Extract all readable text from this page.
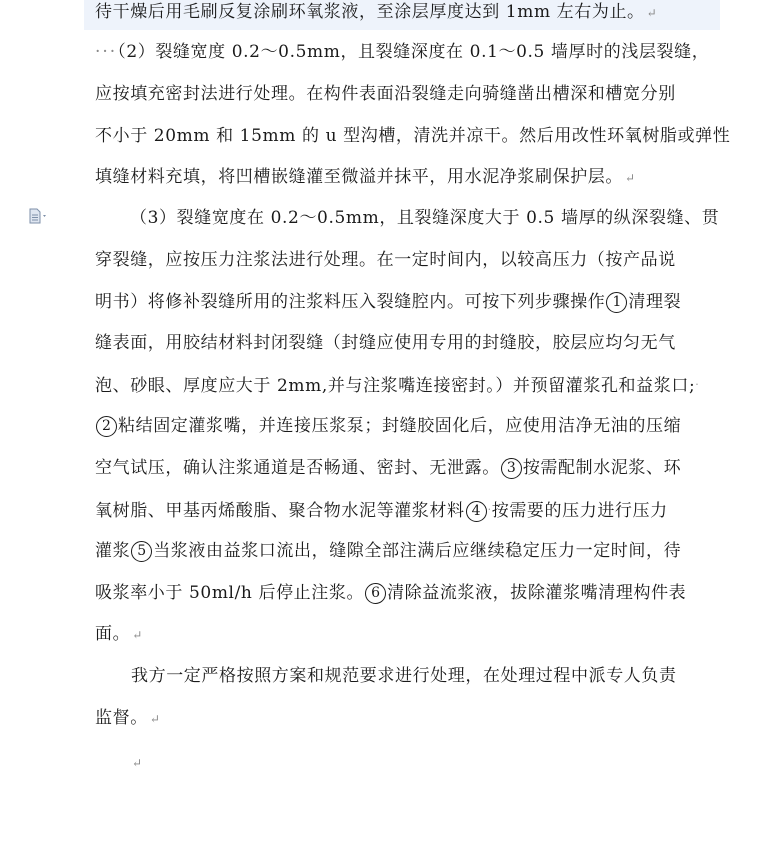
待干燥后用毛刷反复涂刷环氧浆液，至涂层厚度达到 1mm 左右为止。 ↵
···（2）裂缝宽度 0.2～0.5mm，且裂缝深度在 0.1～0.5 墙厚时的浅层裂缝，
应按填充密封法进行处理。在构件表面沿裂缝走向骑缝凿出槽深和槽宽分别
不小于 20mm 和 15mm 的 u 型沟槽，清洗并凉干。然后用改性环氧树脂或弹性
填缝材料充填，将凹槽嵌缝灌至微溢并抹平，用水泥净浆刷保护层。 ↵
（3）裂缝宽度在 0.2～0.5mm，且裂缝深度大于 0.5 墙厚的纵深裂缝、贯
穿裂缝，应按压力注浆法进行处理。在一定时间内，以较高压力（按产品说
明书）将修补裂缝所用的注浆料压入裂缝腔内。可按下列步骤操作 1 清理裂
缝表面，用胶结材料封闭裂缝（封缝应使用专用的封缝胶，胶层应均匀无气
泡、砂眼、厚度应大于 2mm,并与注浆嘴连接密封。）并预留灌浆孔和益浆口;·
2 粘结固定灌浆嘴，并连接压浆泵；封缝胶固化后，应使用洁净无油的压缩
空气试压，确认注浆通道是否畅通、密封、无泄露。 3 按需配制水泥浆、环
氧树脂、甲基丙烯酸脂、聚合物水泥等灌浆材料 4 ·按需要的压力进行压力
灌浆 5 当浆液由益浆口流出，缝隙全部注满后应继续稳定压力一定时间，待
吸浆率小于 50ml/h 后停止注浆。 6 清除益流浆液，拔除灌浆嘴清理构件表
面。 ↵
我方一定严格按照方案和规范要求进行处理，在处理过程中派专人负责
监督。 ↵
↵
